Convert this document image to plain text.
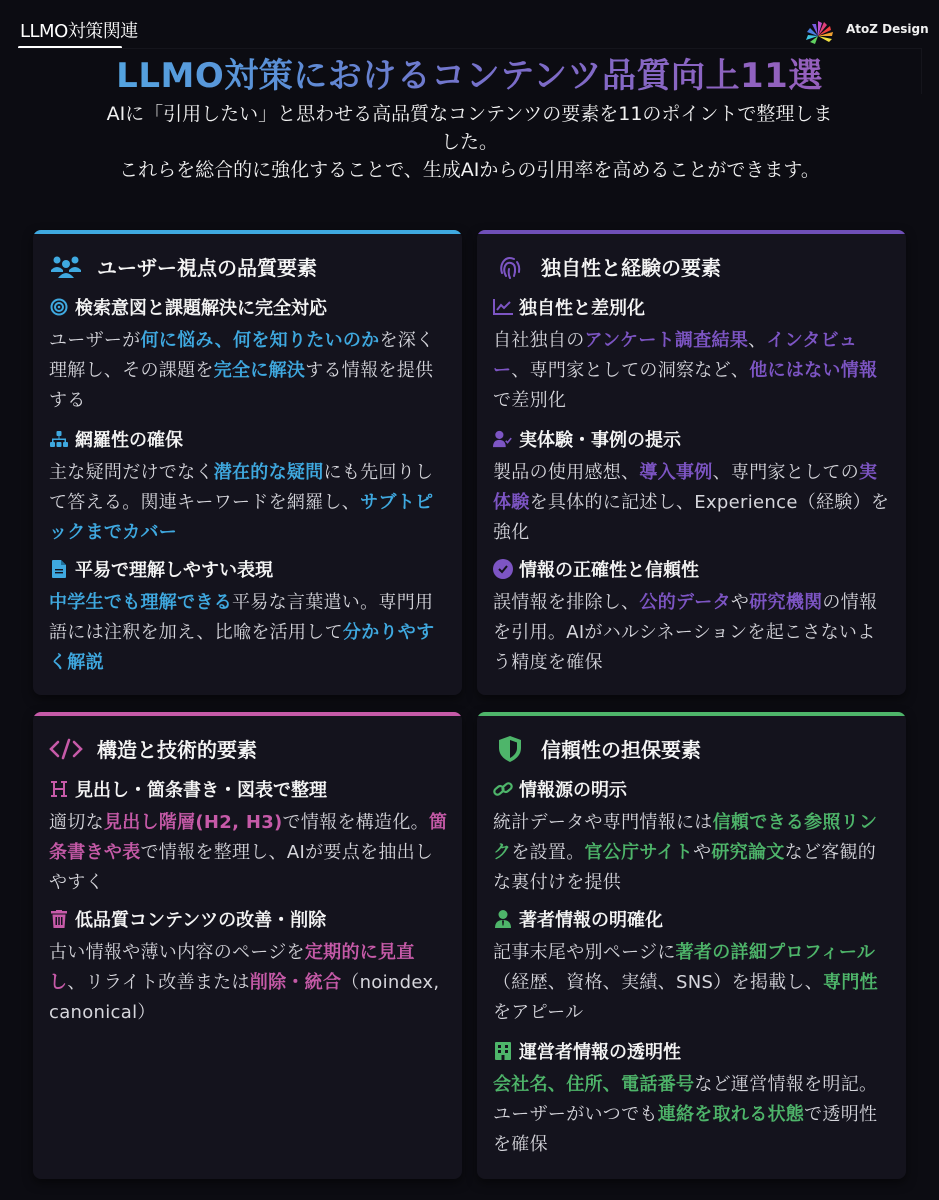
LLMO対策関連	AtoZ Design
LLMO対策におけるコンテンツ品質向上11選
AIに「引用したい」と思わせる高品質なコンテンツの要素を11のポイントで整理しました。
これらを総合的に強化することで、生成AIからの引用率を高めることができます。
ユーザー視点の品質要素
検索意図と課題解決に完全対応
ユーザーが何に悩み、何を知りたいのかを深く理解し、その課題を完全に解決する情報を提供する
網羅性の確保
主な疑問だけでなく潜在的な疑問にも先回りして答える。関連キーワードを網羅し、サブトピックまでカバー
平易で理解しやすい表現
中学生でも理解できる平易な言葉遣い。専門用語には注釈を加え、比喩を活用して分かりやすく解説
独自性と経験の要素
独自性と差別化
自社独自のアンケート調査結果、インタビュー、専門家としての洞察など、他にはない情報で差別化
実体験・事例の提示
製品の使用感想、導入事例、専門家としての実体験を具体的に記述し、Experience（経験）を強化
情報の正確性と信頼性
誤情報を排除し、公的データや研究機関の情報を引用。AIがハルシネーションを起こさないよう精度を確保
構造と技術的要素
見出し・箇条書き・図表で整理
適切な見出し階層(H2, H3)で情報を構造化。箇条書きや表で情報を整理し、AIが要点を抽出しやすく
低品質コンテンツの改善・削除
古い情報や薄い内容のページを定期的に見直し、リライト改善または削除・統合（noindex, canonical）
信頼性の担保要素
情報源の明示
統計データや専門情報には信頼できる参照リンクを設置。官公庁サイトや研究論文など客観的な裏付けを提供
著者情報の明確化
記事末尾や別ページに著者の詳細プロフィール（経歴、資格、実績、SNS）を掲載し、専門性をアピール
運営者情報の透明性
会社名、住所、電話番号など運営情報を明記。ユーザーがいつでも連絡を取れる状態で透明性を確保
